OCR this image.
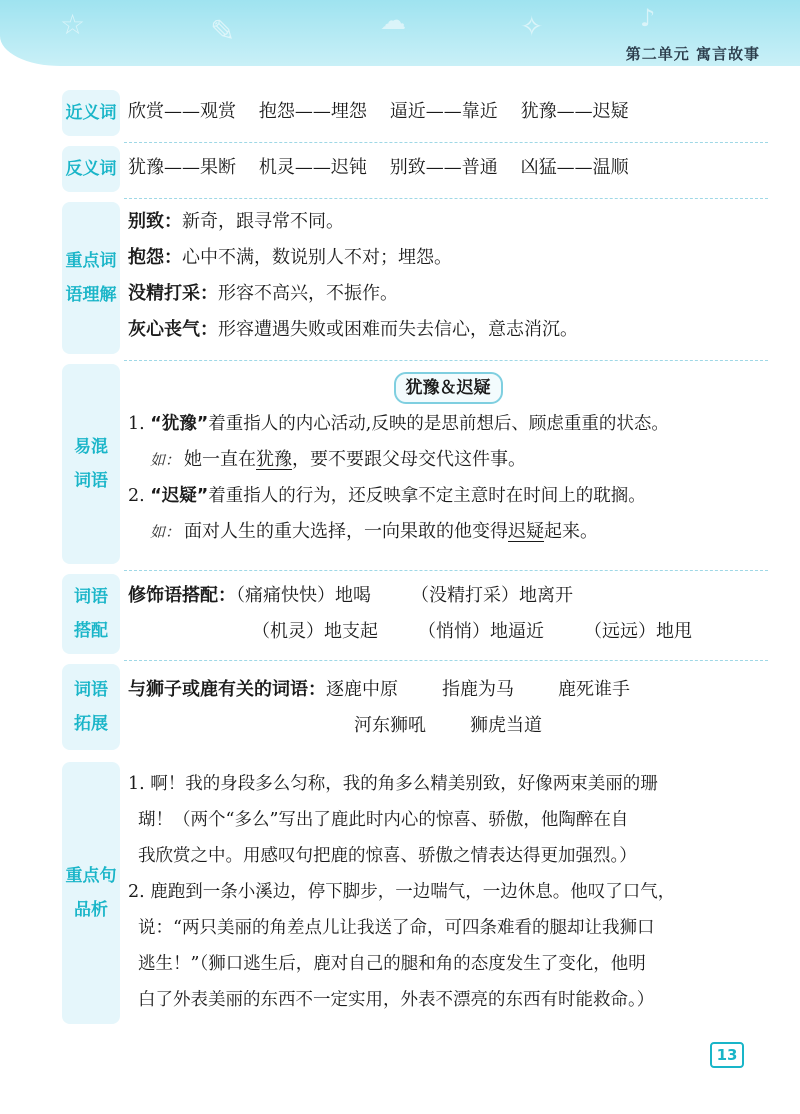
☆	✎	☁	✧	♪
第二单元 寓言故事
近义词 欣赏——观赏 抱怨——埋怨 逼近——靠近 犹豫——迟疑
反义词 犹豫——果断 机灵——迟钝 别致——普通 凶猛——温顺
重点词
语理解
别致：新奇，跟寻常不同。
抱怨：心中不满，数说别人不对；埋怨。
没精打采：形容不高兴，不振作。
灰心丧气：形容遭遇失败或困难而失去信心，意志消沉。
易混
词语
犹豫＆迟疑
1. “犹豫”着重指人的内心活动,反映的是思前想后、顾虑重重的状态。
如： 她一直在犹豫，要不要跟父母交代这件事。
2. “迟疑”着重指人的行为，还反映拿不定主意时在时间上的耽搁。
如： 面对人生的重大选择，一向果敢的他变得迟疑起来。
词语
搭配
修饰语搭配：（痛痛快快）地喝 （没精打采）地离开
（机灵）地支起 （悄悄）地逼近 （远远）地甩
词语
拓展
与狮子或鹿有关的词语：逐鹿中原 指鹿为马 鹿死谁手
河东狮吼 狮虎当道
重点句
品析
1. 啊！我的身段多么匀称，我的角多么精美别致，好像两束美丽的珊
瑚！（两个“多么”写出了鹿此时内心的惊喜、骄傲，他陶醉在自
我欣赏之中。用感叹句把鹿的惊喜、骄傲之情表达得更加强烈。）
2. 鹿跑到一条小溪边，停下脚步，一边喘气，一边休息。他叹了口气，
说：“两只美丽的角差点儿让我送了命，可四条难看的腿却让我狮口
逃生！”（狮口逃生后，鹿对自己的腿和角的态度发生了变化，他明
白了外表美丽的东西不一定实用，外表不漂亮的东西有时能救命。）
13
